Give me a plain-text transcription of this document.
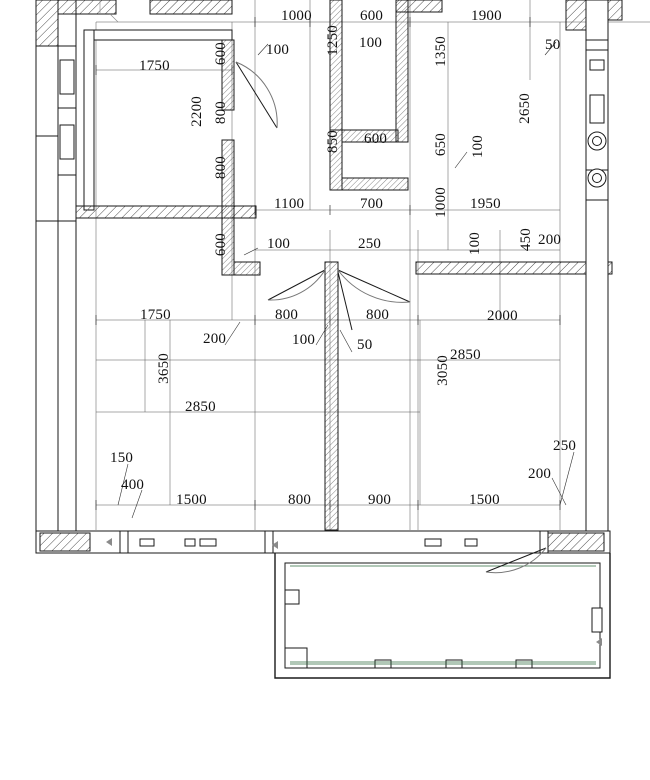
1000	600	1900
100	100	50
1750
600
1100	700	1950
100	250	200
1750	800	800	2000
200	100	50
2850
2850
250
200
150
400
1500	800	900	1500
600	1250	1350
2200 800	2650
850	650 100
800
1000
600	100 450
3650	3050
